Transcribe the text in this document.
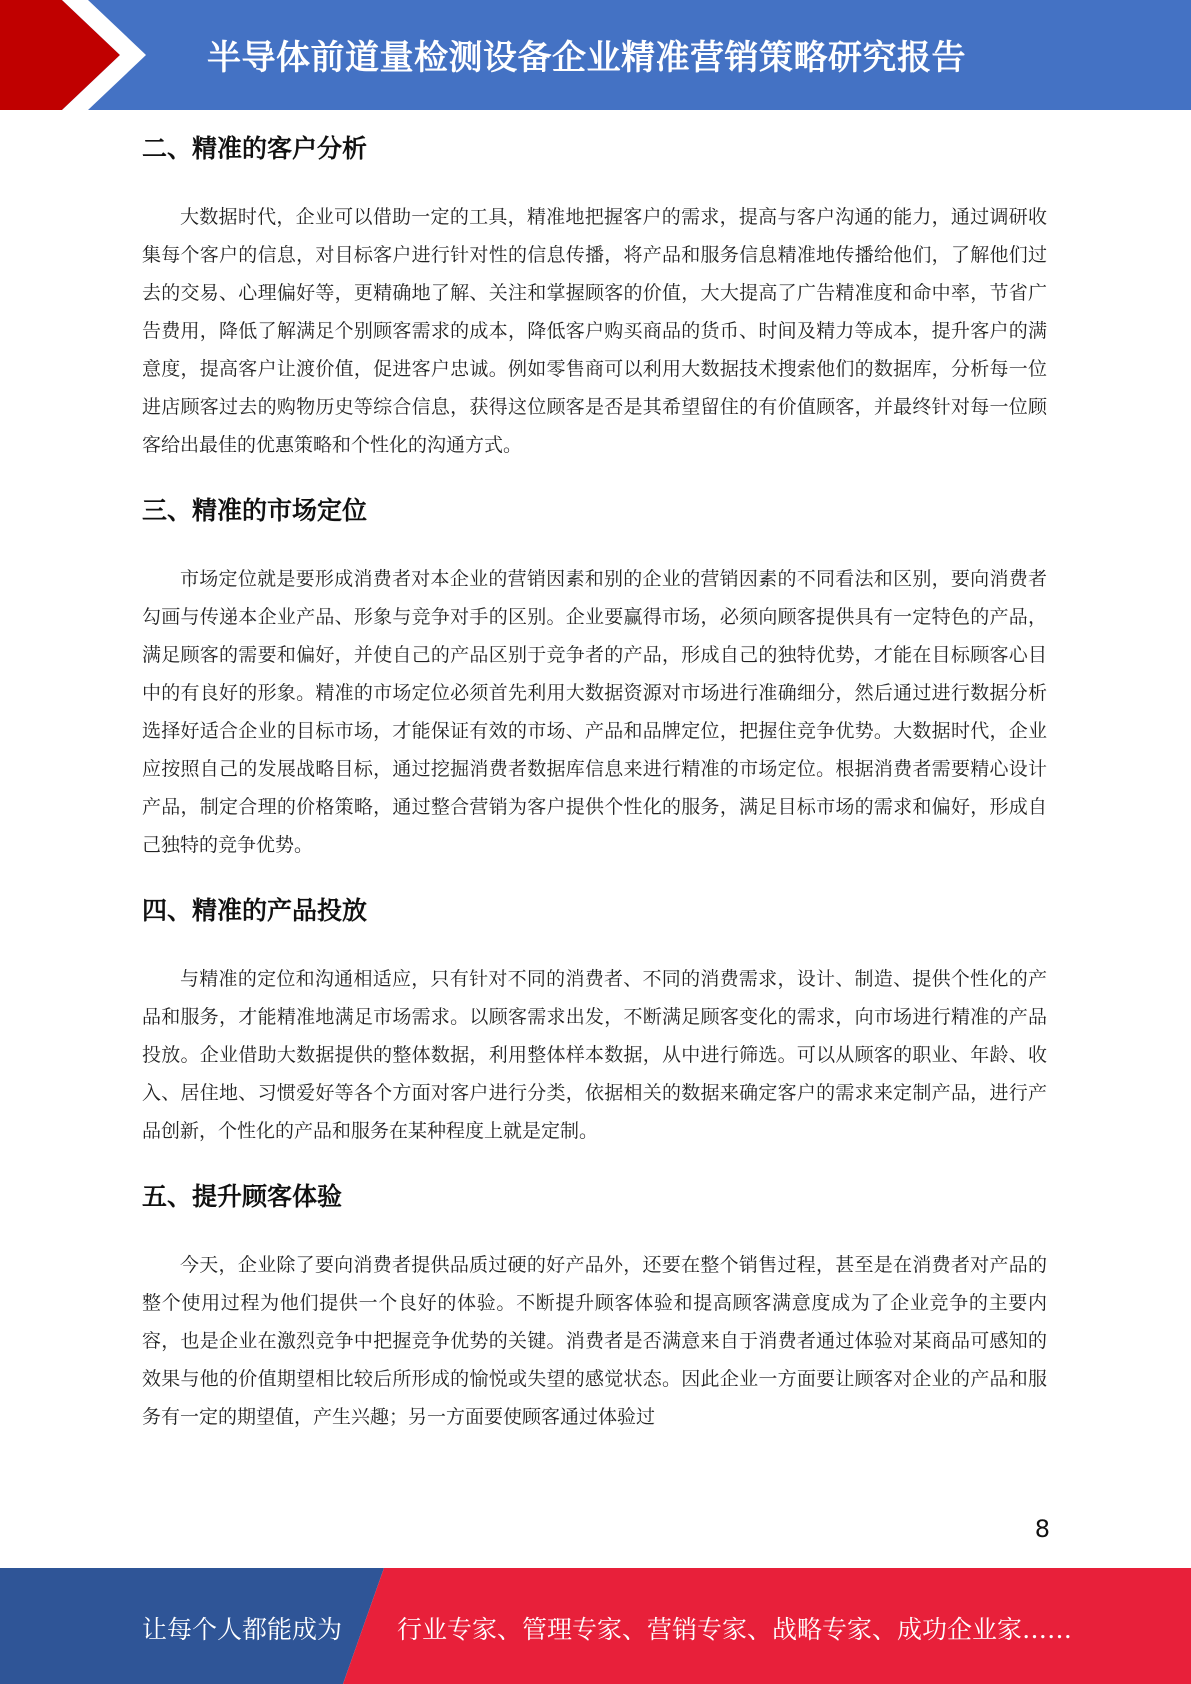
半导体前道量检测设备企业精准营销策略研究报告
二、精准的客户分析

大数据时代，企业可以借助一定的工具，精准地把握客户的需求，提高与客户沟通的能力，通过调研收集每个客户的信息，对目标客户进行针对性的信息传播，将产品和服务信息精准地传播给他们，了解他们过去的交易、心理偏好等，更精确地了解、关注和掌握顾客的价值，大大提高了广告精准度和命中率，节省广告费用，降低了解满足个别顾客需求的成本，降低客户购买商品的货币、时间及精力等成本，提升客户的满意度，提高客户让渡价值，促进客户忠诚。例如零售商可以利用大数据技术搜索他们的数据库，分析每一位进店顾客过去的购物历史等综合信息，获得这位顾客是否是其希望留住的有价值顾客，并最终针对每一位顾客给出最佳的优惠策略和个性化的沟通方式。

三、精准的市场定位

市场定位就是要形成消费者对本企业的营销因素和别的企业的营销因素的不同看法和区别，要向消费者勾画与传递本企业产品、形象与竞争对手的区别。企业要赢得市场，必须向顾客提供具有一定特色的产品，满足顾客的需要和偏好，并使自己的产品区别于竞争者的产品，形成自己的独特优势，才能在目标顾客心目中的有良好的形象。精准的市场定位必须首先利用大数据资源对市场进行准确细分，然后通过进行数据分析选择好适合企业的目标市场，才能保证有效的市场、产品和品牌定位，把握住竞争优势。大数据时代，企业应按照自己的发展战略目标，通过挖掘消费者数据库信息来进行精准的市场定位。根据消费者需要精心设计产品，制定合理的价格策略，通过整合营销为客户提供个性化的服务，满足目标市场的需求和偏好，形成自己独特的竞争优势。

四、精准的产品投放

与精准的定位和沟通相适应，只有针对不同的消费者、不同的消费需求，设计、制造、提供个性化的产品和服务，才能精准地满足市场需求。以顾客需求出发，不断满足顾客变化的需求，向市场进行精准的产品投放。企业借助大数据提供的整体数据，利用整体样本数据，从中进行筛选。可以从顾客的职业、年龄、收入、居住地、习惯爱好等各个方面对客户进行分类，依据相关的数据来确定客户的需求来定制产品，进行产品创新，个性化的产品和服务在某种程度上就是定制。

五、提升顾客体验

今天，企业除了要向消费者提供品质过硬的好产品外，还要在整个销售过程，甚至是在消费者对产品的整个使用过程为他们提供一个良好的体验。不断提升顾客体验和提高顾客满意度成为了企业竞争的主要内容，也是企业在激烈竞争中把握竞争优势的关键。消费者是否满意来自于消费者通过体验对某商品可感知的效果与他的价值期望相比较后所形成的愉悦或失望的感觉状态。因此企业一方面要让顾客对企业的产品和服务有一定的期望值，产生兴趣；另一方面要使顾客通过体验过

8
让每个人都能成为 行业专家、管理专家、营销专家、战略专家、成功企业家……
